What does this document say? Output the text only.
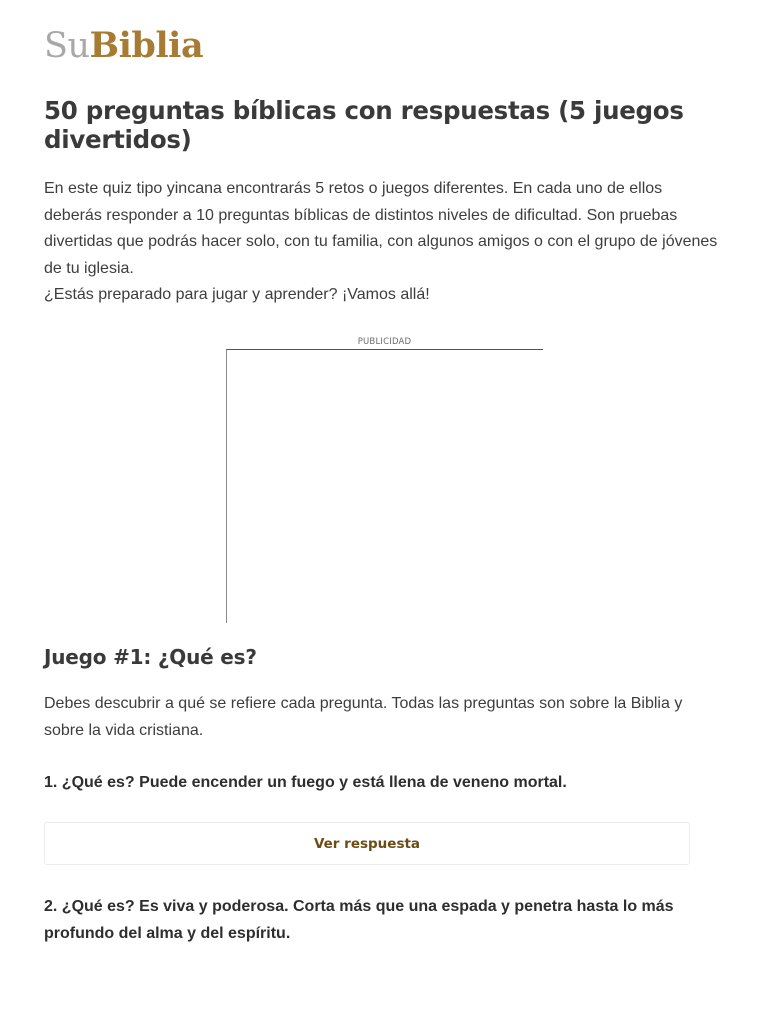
SuBiblia
50 preguntas bíblicas con respuestas (5 juegos divertidos)

En este quiz tipo yincana encontrarás 5 retos o juegos diferentes. En cada uno de ellos deberás responder a 10 preguntas bíblicas de distintos niveles de dificultad. Son pruebas divertidas que podrás hacer solo, con tu familia, con algunos amigos o con el grupo de jóvenes de tu iglesia.

¿Estás preparado para jugar y aprender? ¡Vamos allá!

PUBLICIDAD
Juego #1: ¿Qué es?

Debes descubrir a qué se refiere cada pregunta. Todas las preguntas son sobre la Biblia y sobre la vida cristiana.

1. ¿Qué es? Puede encender un fuego y está llena de veneno mortal.

Ver respuesta

2. ¿Qué es? Es viva y poderosa. Corta más que una espada y penetra hasta lo más profundo del alma y del espíritu.
